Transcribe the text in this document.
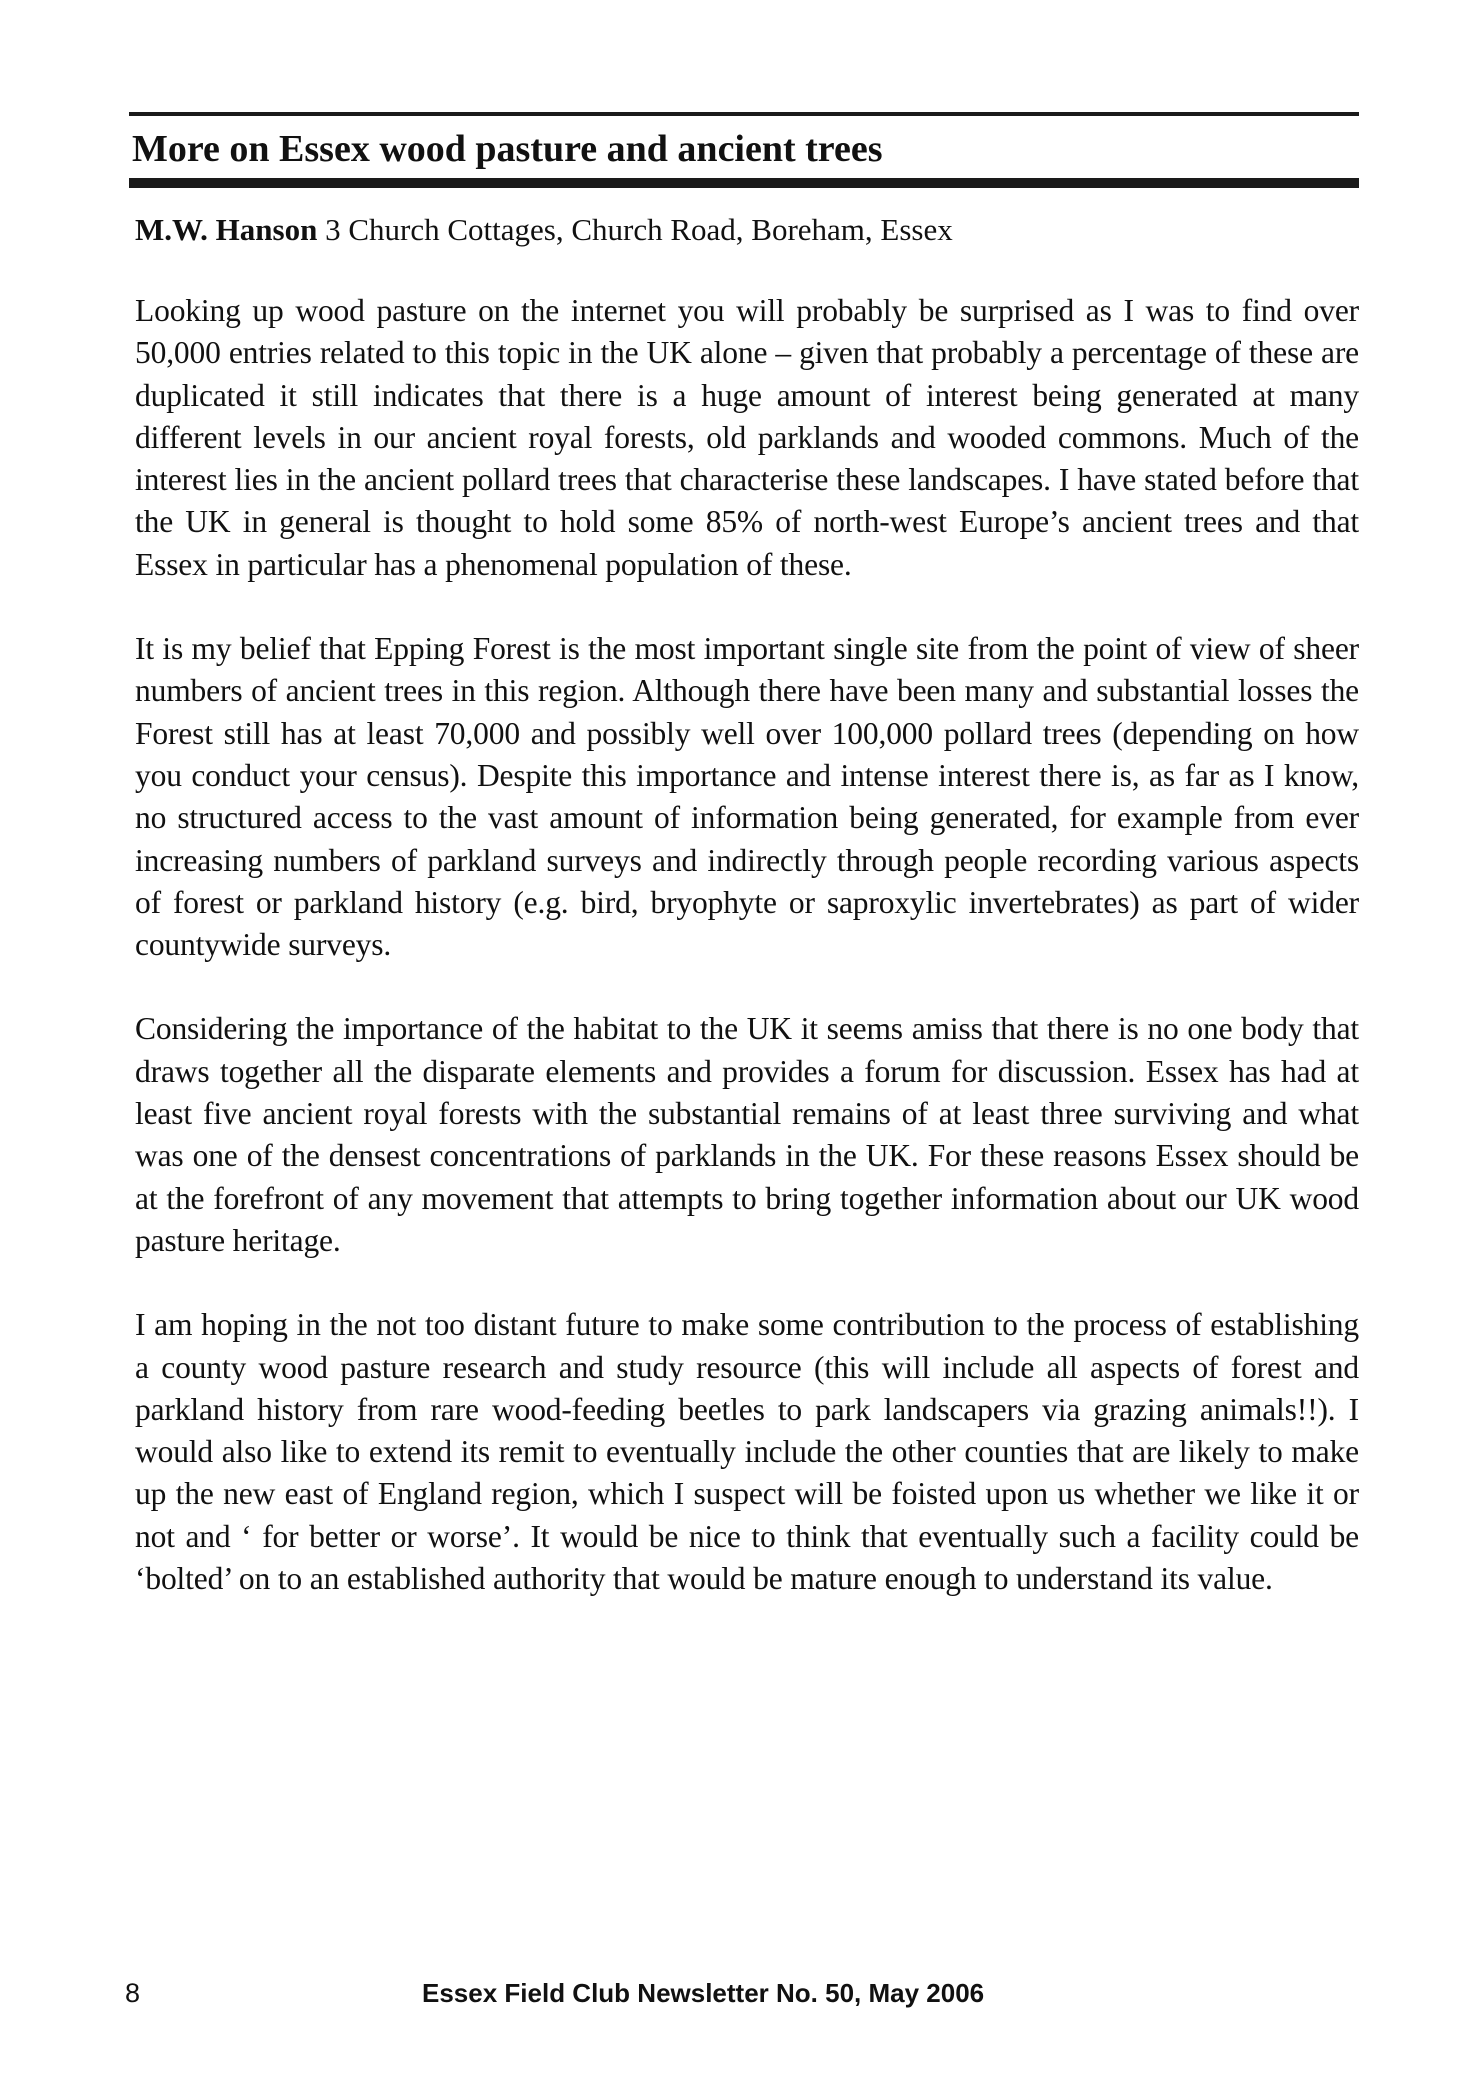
More on Essex wood pasture and ancient trees

M.W. Hanson 3 Church Cottages, Church Road, Boreham, Essex

Looking up wood pasture on the internet you will probably be surprised as I was to find over 50,000 entries related to this topic in the UK alone – given that probably a percentage of these are duplicated it still indicates that there is a huge amount of interest being generated at many different levels in our ancient royal forests, old parklands and wooded commons. Much of the interest lies in the ancient pollard trees that characterise these landscapes. I have stated before that the UK in general is thought to hold some 85% of north-west Europe’s ancient trees and that Essex in particular has a phenomenal population of these.

It is my belief that Epping Forest is the most important single site from the point of view of sheer numbers of ancient trees in this region. Although there have been many and substantial losses the Forest still has at least 70,000 and possibly well over 100,000 pollard trees (depending on how you conduct your census). Despite this importance and intense interest there is, as far as I know, no structured access to the vast amount of information being generated, for example from ever increasing numbers of parkland surveys and indirectly through people recording various aspects of forest or parkland history (e.g. bird, bryophyte or saproxylic invertebrates) as part of wider countywide surveys.

Considering the importance of the habitat to the UK it seems amiss that there is no one body that draws together all the disparate elements and provides a forum for discussion. Essex has had at least five ancient royal forests with the substantial remains of at least three surviving and what was one of the densest concentrations of parklands in the UK. For these reasons Essex should be at the forefront of any movement that attempts to bring together information about our UK wood pasture heritage.

I am hoping in the not too distant future to make some contribution to the process of establishing a county wood pasture research and study resource (this will include all aspects of forest and parkland history from rare wood-feeding beetles to park landscapers via grazing animals!!). I would also like to extend its remit to eventually include the other counties that are likely to make up the new east of England region, which I suspect will be foisted upon us whether we like it or not and ‘ for better or worse’. It would be nice to think that eventually such a facility could be ‘bolted’ on to an established authority that would be mature enough to understand its value.

8	Essex Field Club Newsletter No. 50, May 2006
